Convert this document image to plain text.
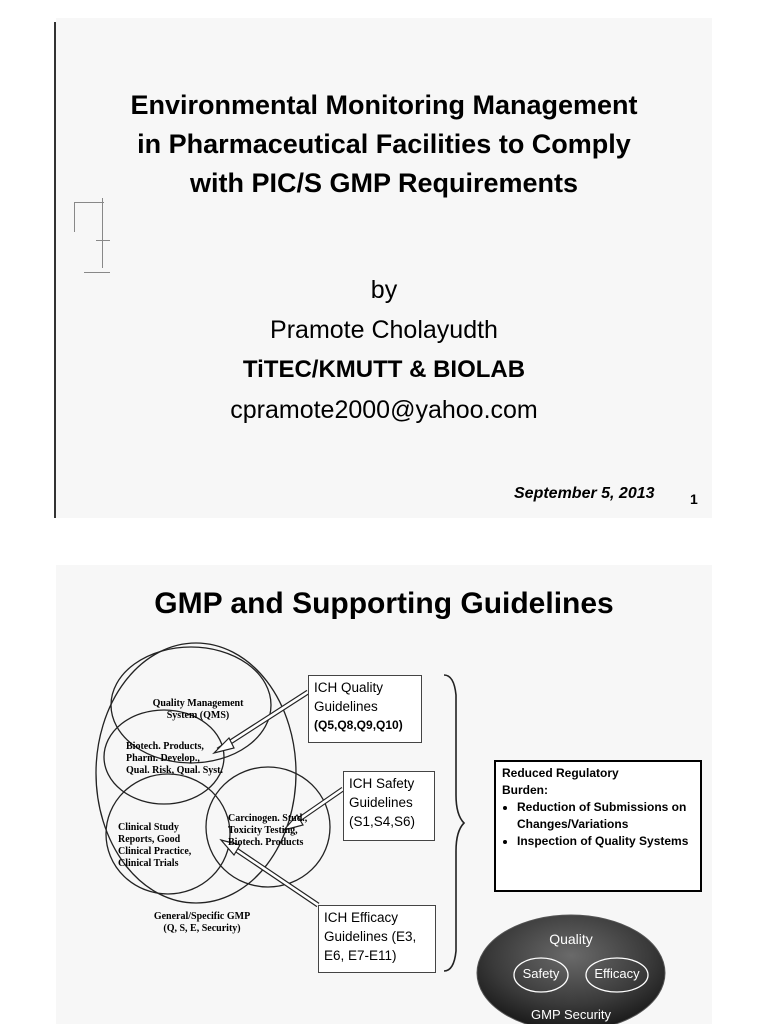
Environmental Monitoring Management
in Pharmaceutical Facilities to Comply
with PIC/S GMP Requirements
by
Pramote Cholayudth
TiTEC/KMUTT & BIOLAB
cpramote2000@yahoo.com
September 5, 2013	1
GMP and Supporting Guidelines
Quality Management
System (QMS)
Biotech. Products,
Pharm. Develop.,
Qual. Risk, Qual. Syst.
Clinical Study
Reports, Good
Clinical Practice,
Clinical Trials
Carcinogen. Stud.,
Toxicity Testing,
Biotech. Products
General/Specific GMP
(Q, S, E, Security)
ICH Quality
Guidelines
(Q5,Q8,Q9,Q10)
ICH Safety
Guidelines
(S1,S4,S6)
ICH Efficacy
Guidelines (E3,
E6, E7-E11)
Reduced Regulatory
Burden:
• Reduction of Submissions on Changes/Variations
• Inspection of Quality Systems
Quality
Safety	Efficacy
GMP Security
